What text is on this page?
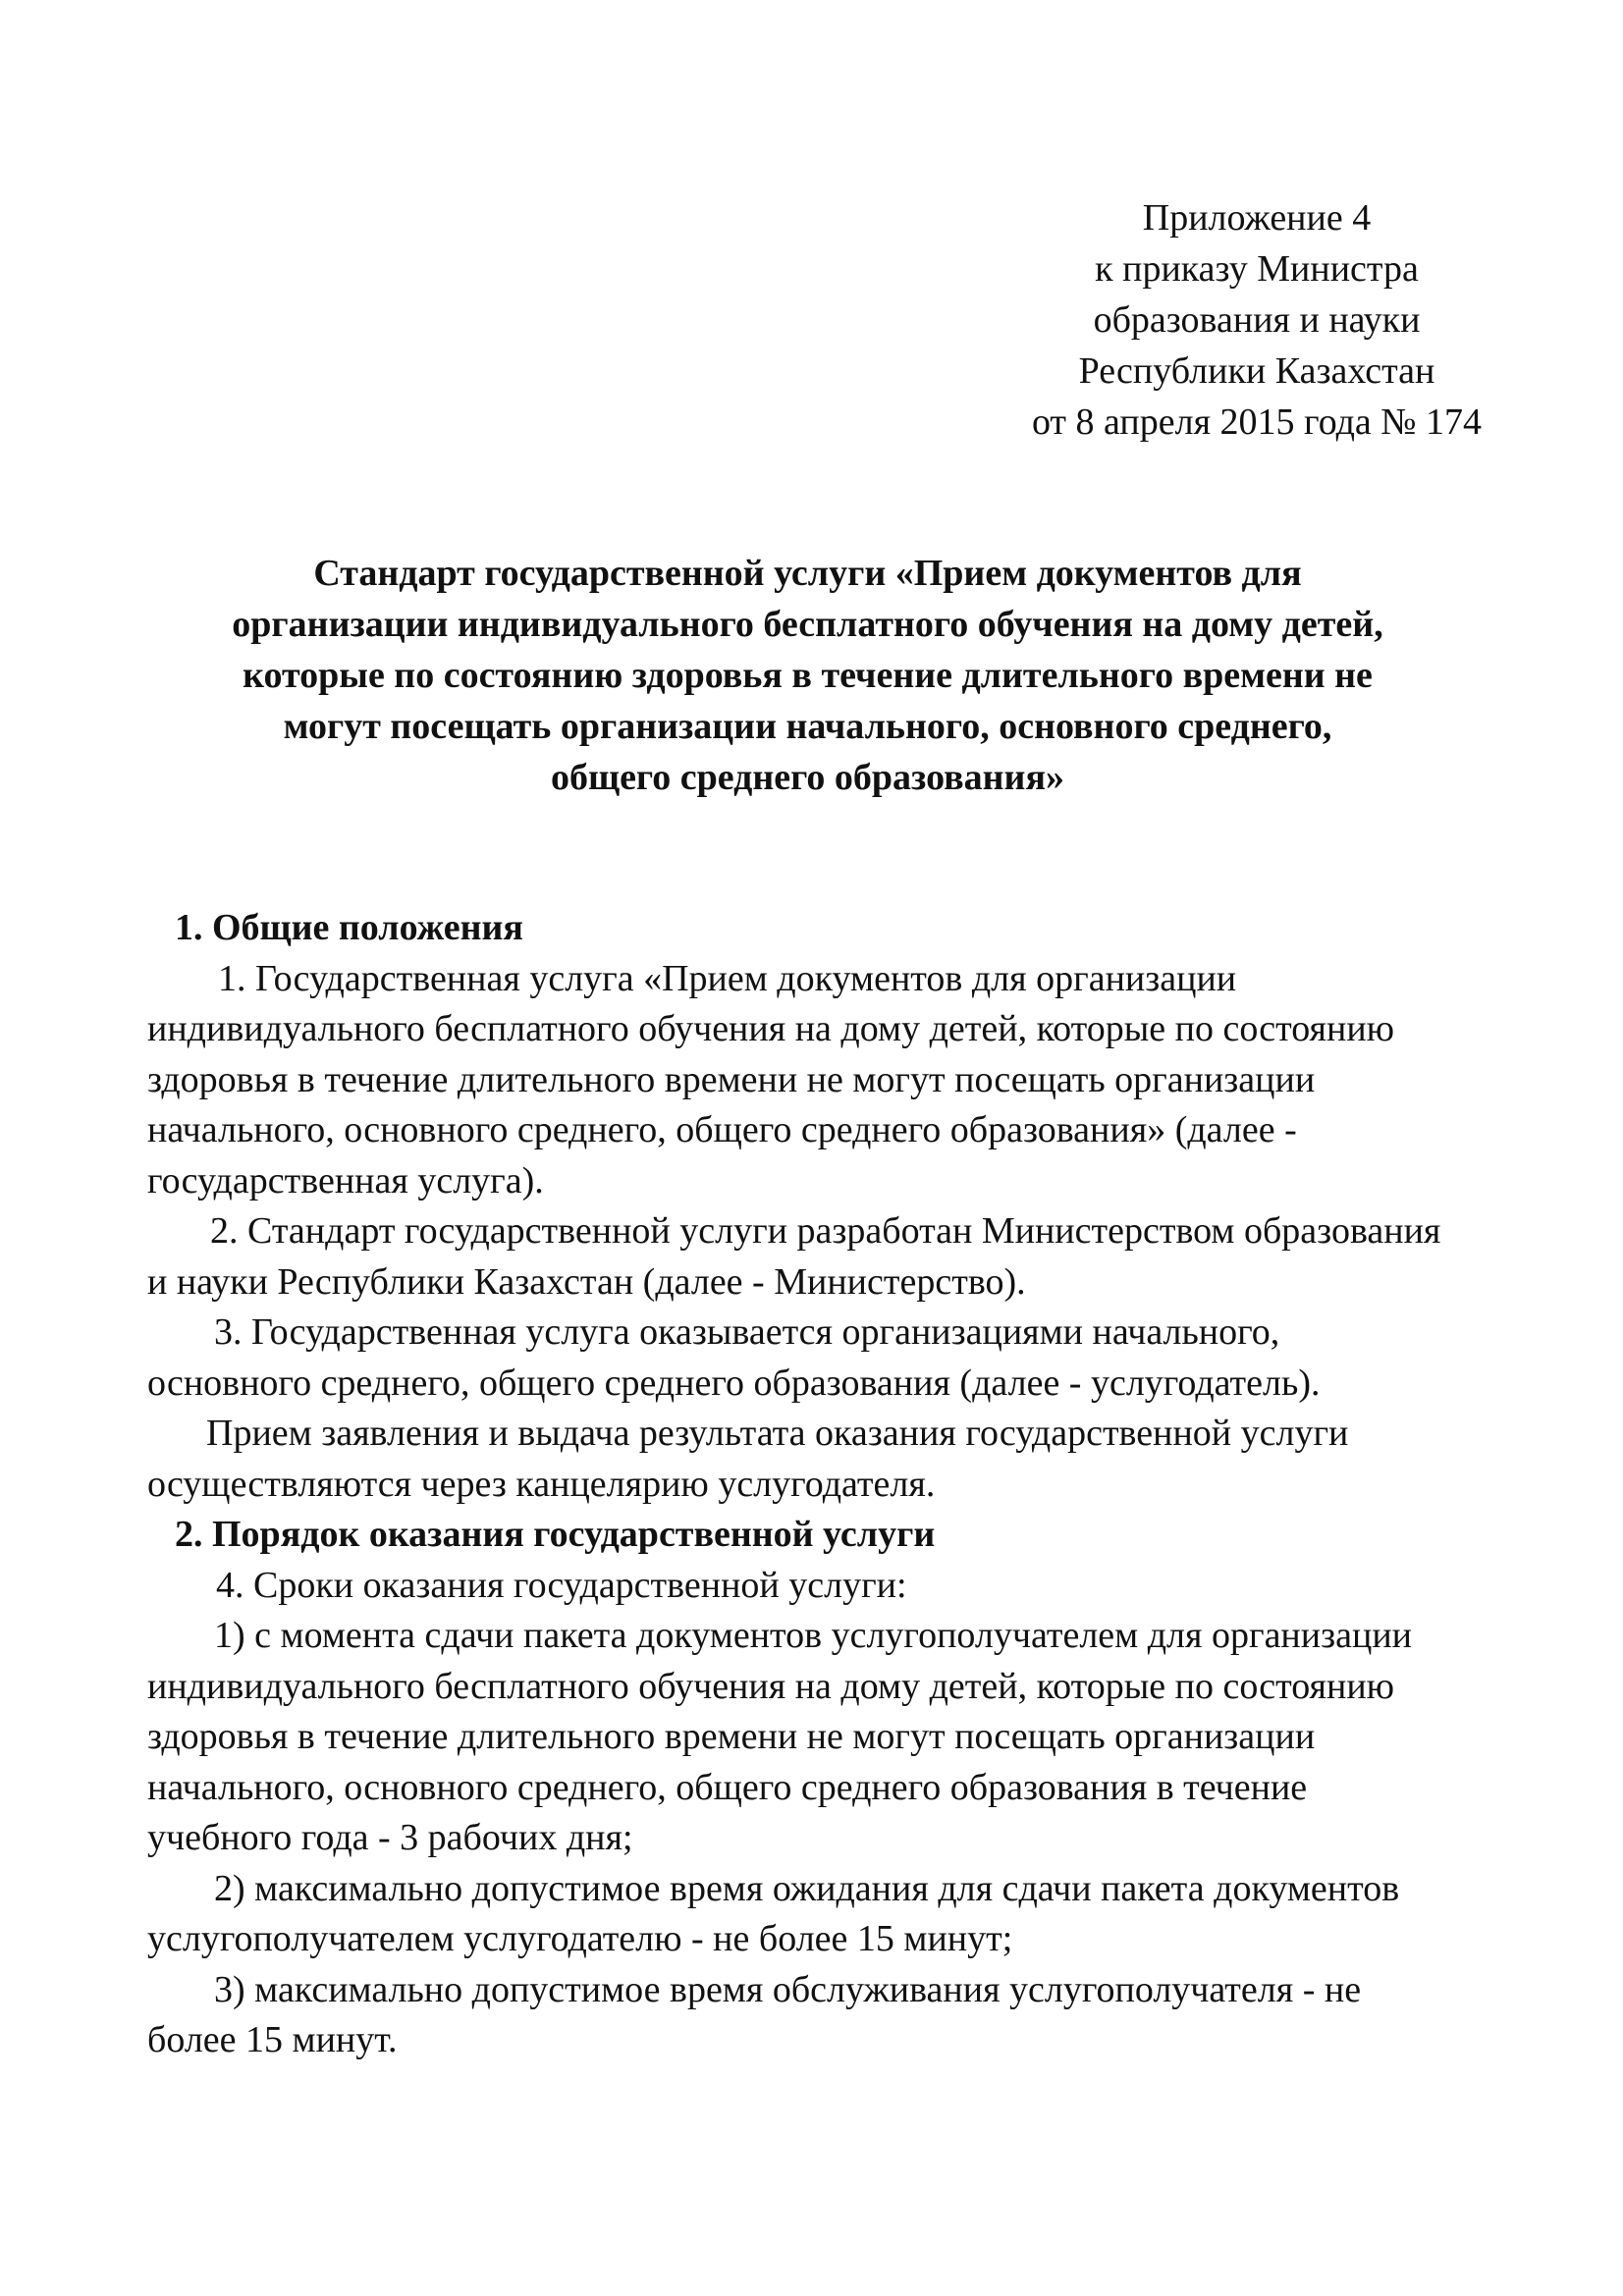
Приложение 4
к приказу Министра
образования и науки
Республики Казахстан
от 8 апреля 2015 года № 174
Стандарт государственной услуги «Прием документов для
организации индивидуального бесплатного обучения на дому детей,
которые по состоянию здоровья в течение длительного времени не
могут посещать организации начального, основного среднего,
общего среднего образования»
1. Общие положения
1. Государственная услуга «Прием документов для организации
индивидуального бесплатного обучения на дому детей, которые по состоянию
здоровья в течение длительного времени не могут посещать организации
начального, основного среднего, общего среднего образования» (далее -
государственная услуга).
2. Стандарт государственной услуги разработан Министерством образования
и науки Республики Казахстан (далее - Министерство).
3. Государственная услуга оказывается организациями начального,
основного среднего, общего среднего образования (далее - услугодатель).
Прием заявления и выдача результата оказания государственной услуги
осуществляются через канцелярию услугодателя.
2. Порядок оказания государственной услуги
4. Сроки оказания государственной услуги:
1) с момента сдачи пакета документов услугополучателем для организации
индивидуального бесплатного обучения на дому детей, которые по состоянию
здоровья в течение длительного времени не могут посещать организации
начального, основного среднего, общего среднего образования в течение
учебного года - 3 рабочих дня;
2) максимально допустимое время ожидания для сдачи пакета документов
услугополучателем услугодателю - не более 15 минут;
3) максимально допустимое время обслуживания услугополучателя - не
более 15 минут.
